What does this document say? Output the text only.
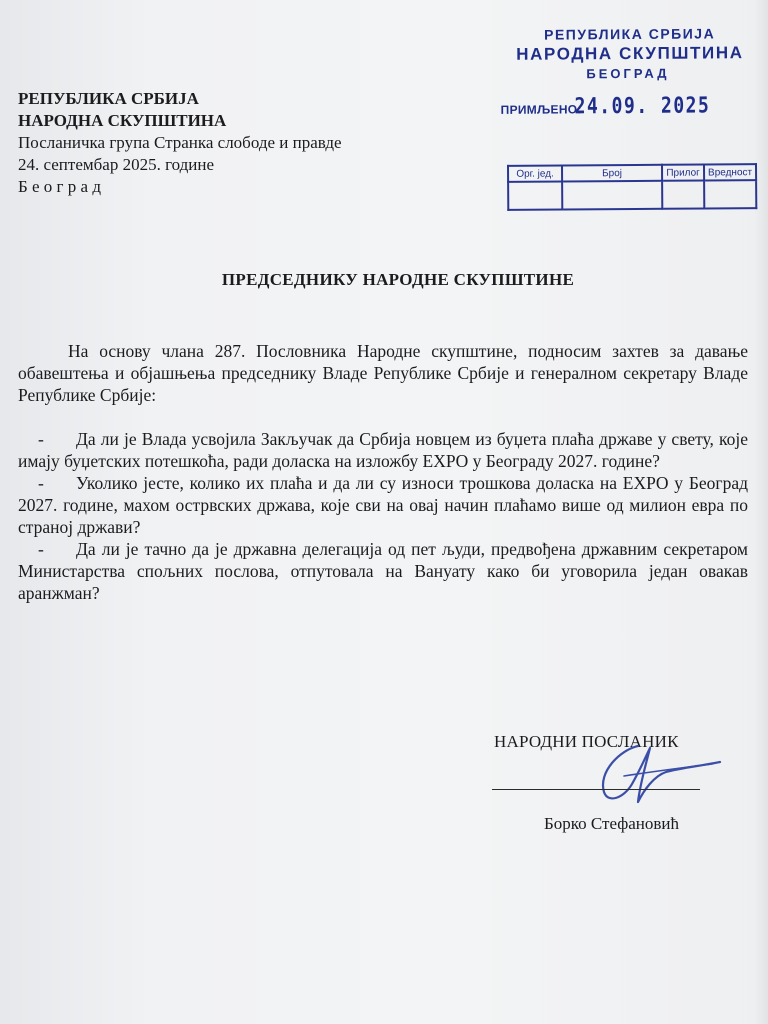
РЕПУБЛИКА СРБИЈА
НАРОДНА СКУПШТИНА
БЕОГРАД
ПРИМЉЕНО:
24.09. 2025
Орг. јед.	Број	Прилог	Вредност

РЕПУБЛИКА СРБИЈА
НАРОДНА СКУПШТИНА
Посланичка група Странка слободе и правде
24. септембар 2025. године
Б е о г р а д
ПРЕДСЕДНИКУ НАРОДНЕ СКУПШТИНЕ

На основу члана 287. Пословника Народне скупштине, подносим захтев за давање обавештења и објашњења председнику Владе Републике Србије и генералном секретару Владе Републике Србије:

-	Да ли је Влада усвојила Закључак да Србија новцем из буџета плаћа државе у свету, које имају буџетских потешкоћа, ради доласка на изложбу ЕXPO у Београду 2027. године?
-	Уколико јесте, колико их плаћа и да ли су износи трошкова доласка на ЕXPO у Београд 2027. године, махом острвских држава, које сви на овај начин плаћамо више од милион евра по страној држави?
-	Да ли је тачно да је државна делегација од пет људи, предвођена државним секретаром Министарства спољних послова, отпутовала на Вануату како би уговорила један овакав аранжман?
НАРОДНИ ПОСЛАНИК
Борко Стефановић
